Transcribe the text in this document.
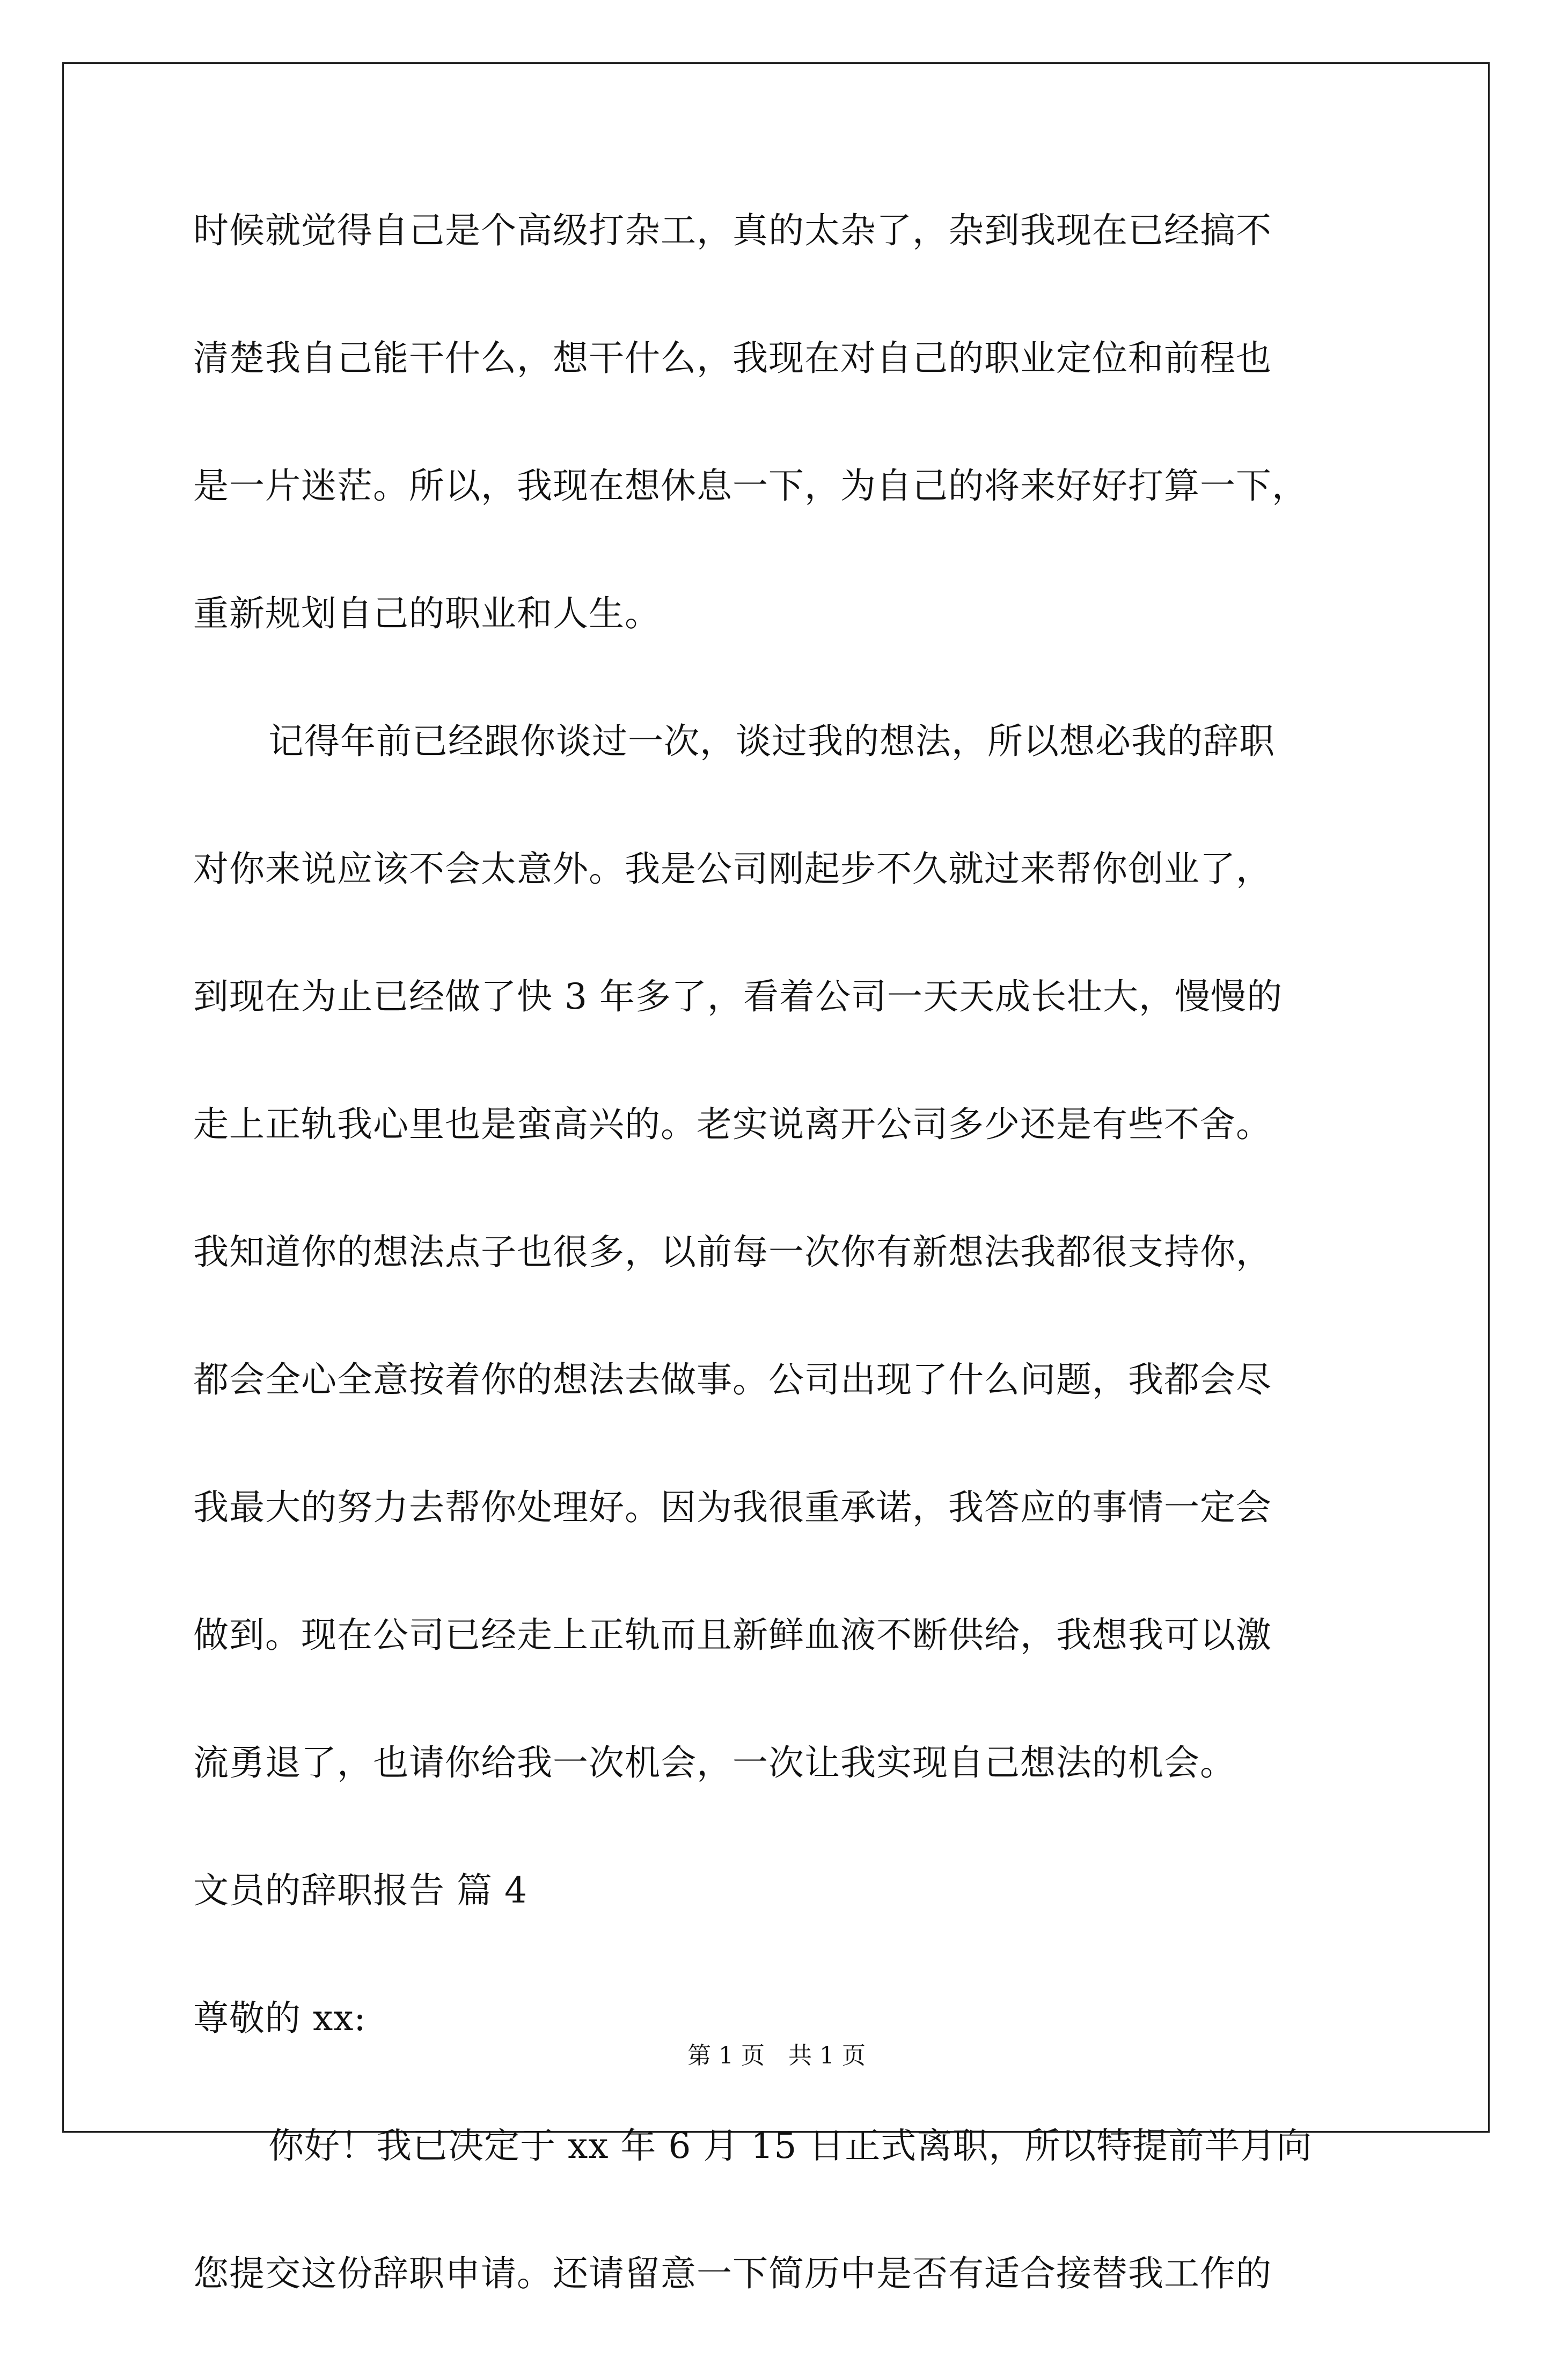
时候就觉得自己是个高级打杂工，真的太杂了，杂到我现在已经搞不
清楚我自己能干什么，想干什么，我现在对自己的职业定位和前程也
是一片迷茫。所以，我现在想休息一下，为自己的将来好好打算一下，
重新规划自己的职业和人生。
记得年前已经跟你谈过一次，谈过我的想法，所以想必我的辞职
对你来说应该不会太意外。我是公司刚起步不久就过来帮你创业了，
到现在为止已经做了快 3 年多了，看着公司一天天成长壮大，慢慢的
走上正轨我心里也是蛮高兴的。老实说离开公司多少还是有些不舍。
我知道你的想法点子也很多，以前每一次你有新想法我都很支持你，
都会全心全意按着你的想法去做事。公司出现了什么问题，我都会尽
我最大的努力去帮你处理好。因为我很重承诺，我答应的事情一定会
做到。现在公司已经走上正轨而且新鲜血液不断供给，我想我可以激
流勇退了，也请你给我一次机会，一次让我实现自己想法的机会。
文员的辞职报告 篇 4
尊敬的 xx:
你好！我已决定于 xx 年 6 月 15 日正式离职，所以特提前半月向
您提交这份辞职申请。还请留意一下简历中是否有适合接替我工作的
第 1 页　共 1 页
